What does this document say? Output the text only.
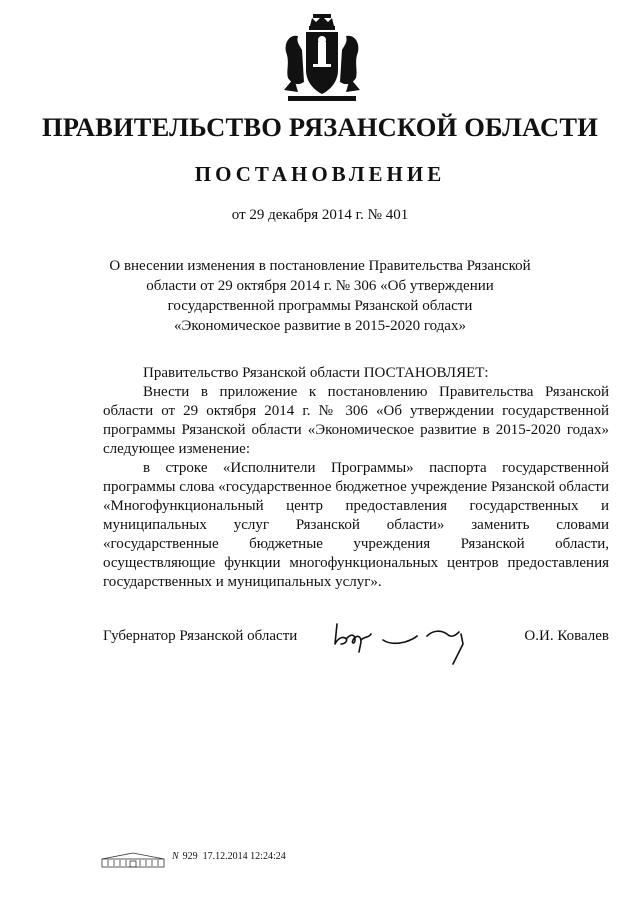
ПРАВИТЕЛЬСТВО РЯЗАНСКОЙ ОБЛАСТИ
ПОСТАНОВЛЕНИЕ
от 29 декабря 2014 г. № 401
О внесении изменения в постановление Правительства Рязанской
области от 29 октября 2014 г. № 306 «Об утверждении
государственной программы Рязанской области
«Экономическое развитие в 2015-2020 годах»

Правительство Рязанской области ПОСТАНОВЛЯЕТ:

Внести в приложение к постановлению Правительства Рязанской области от 29 октября 2014 г. № 306 «Об утверждении государственной программы Рязанской области «Экономическое развитие в 2015-2020 годах» следующее изменение:

в строке «Исполнители Программы» паспорта государственной программы слова «государственное бюджетное учреждение Рязанской области «Многофункциональный центр предоставления государственных и муниципальных услуг Рязанской области» заменить словами «государственные бюджетные учреждения Рязанской области, осуществляющие функции многофункциональных центров предоставления государственных и муниципальных услуг».

Губернатор Рязанской области	О.И. Ковалев
N 929 17.12.2014 12:24:24
